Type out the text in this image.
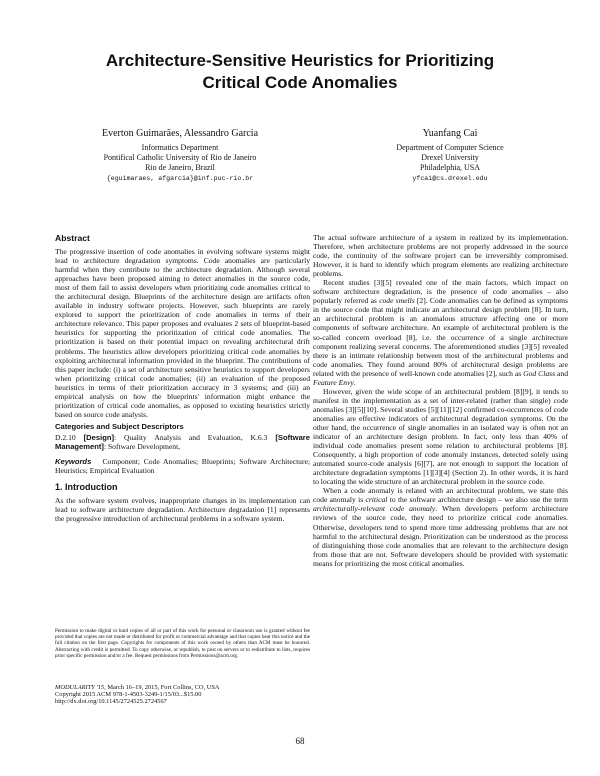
Architecture-Sensitive Heuristics for Prioritizing
Critical Code Anomalies
Everton Guimarães, Alessandro Garcia
Informatics Department
Pontifical Catholic University of Rio de Janeiro
Rio de Janeiro, Brazil
{eguimaraes, afgarcia}@inf.puc-rio.br
Yuanfang Cai
Department of Computer Science
Drexel University
Philadelphia, USA
yfcai@cs.drexel.edu
Abstract

The progressive insertion of code anomalies in evolving software systems might lead to architecture degradation symptoms. Code anomalies are particularly harmful when they contribute to the architecture degradation. Although several approaches have been proposed aiming to detect anomalies in the source code, most of them fail to assist developers when prioritizing code anomalies critical to the architectural design. Blueprints of the architecture design are artifacts often available in industry software projects. However, such blueprints are rarely explored to support the prioritization of code anomalies in terms of their architecture relevance. This paper proposes and evaluates 2 sets of blueprint-based heuristics for supporting the prioritization of critical code anomalies. The prioritization is based on their potential impact on revealing architectural drift problems. The heuristics allow developers prioritizing critical code anomalies by exploiting architectural information provided in the blueprint. The contributions of this paper include: (i) a set of architecture sensitive heuristics to support developers when prioritizing critical code anomalies; (ii) an evaluation of the proposed heuristics in terms of their prioritization accuracy in 3 systems; and (iii) an empirical analysis on how the blueprints' information might enhance the prioritization of critical code anomalies, as opposed to existing heuristics strictly based on source code analysis.

Categories and Subject Descriptors

D.2.10 [Design]: Quality Analysis and Evaluation, K.6.3 [Software Management]: Software Development,

Keywords Component; Code Anomalies; Blueprints; Software Architecture; Heuristics; Empirical Evaluation

1. Introduction

As the software system evolves, inappropriate changes in its implementation can lead to software architecture degradation. Architecture degradation [1] represents the progressive introduction of architectural problems in a software system.

Permission to make digital or hard copies of all or part of this work for personal or classroom use is granted without fee provided that copies are not made or distributed for profit or commercial advantage and that copies bear this notice and the full citation on the first page. Copyrights for components of this work owned by others than ACM must be honored. Abstracting with credit is permitted. To copy otherwise, or republish, to post on servers or to redistribute to lists, requires prior specific permission and/or a fee. Request permissions from Permissions@acm.org.

MODULARITY '15, March 16–19, 2015, Fort Collins, CO, USA
Copyright 2015 ACM 978-1-4503-3249-1/15/03...$15.00
http://dx.doi.org/10.1145/2724525.2724567

The actual software architecture of a system in realized by its implementation. Therefore, when architecture problems are not properly addressed in the source code, the continuity of the software project can be irreversibly compromised. However, it is hard to identify which program elements are realizing architecture problems.

Recent studies [3][5] revealed one of the main factors, which impact on software architecture degradation, is the presence of code anomalies – also popularly referred as code smells [2]. Code anomalies can be defined as symptoms in the source code that might indicate an architectural design problem [8]. In turn, an architectural problem is an anomalous structure affecting one or more components of software architecture. An example of architectural problem is the so-called concern overload [8], i.e. the occurrence of a single architecture component realizing several concerns. The aforementioned studies [3][5] revealed there is an intimate relationship between most of the architectural problems and code anomalies. They found around 80% of architectural design problems are related with the presence of well-known code anomalies [2], such as God Class and Feature Envy.

However, given the wide scope of an architectural problem [8][9], it tends to manifest in the implementation as a set of inter-related (rather than single) code anomalies [3][5][10]. Several studies [5][11][12] confirmed co-occurrences of code anomalies are effective indicators of architectural degradation symptoms. On the other hand, the occurrence of single anomalies in an isolated way is often not an indicator of an architecture design problem. In fact, only less than 40% of individual code anomalies present some relation to architectural problems [8]. Consequently, a high proportion of code anomaly instances, detected solely using automated source-code analysis [6][7], are not enough to support the location of architecture degradation symptoms [1][3][4] (Section 2). In other words, it is hard to locating the wide structure of an architectural problem in the source code.

When a code anomaly is related with an architectural problem, we state this code anomaly is critical to the software architecture design – we also use the term architecturally-relevant code anomaly. When developers perform architecture reviews of the source code, they need to prioritize critical code anomalies. Otherwise, developers tend to spend more time addressing problems that are not harmful to the architectural design. Prioritization can be understood as the process of distinguishing those code anomalies that are relevant to the architecture design from those that are not. Software developers should be provided with systematic means for prioritizing the most critical anomalies.

68
